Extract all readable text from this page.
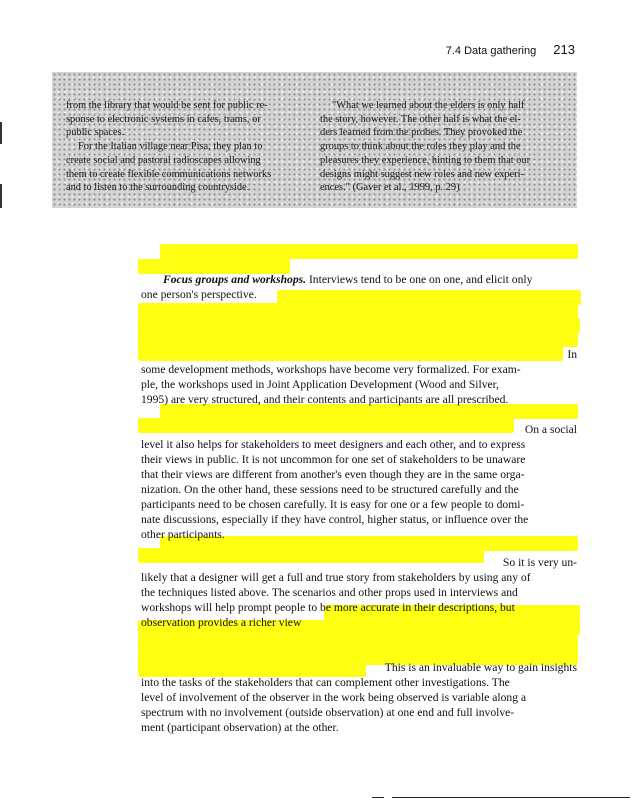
7.4 Data gathering 213

from the library that would be sent for public re-

sponse to electronic systems in cafes, trams, or

public spaces.

For the Italian village near Pisa, they plan to

create social and pastoral radioscapes allowing

them to create flexible communications networks

and to listen to the surrounding countryside.

"What we learned about the elders is only half

the story, however. The other half is what the el-

ders learned from the probes. They provoked the

groups to think about the roles they play and the

pleasures they experience, hinting to them that our

designs might suggest new roles and new experi-

ences." (Gaver et al., 1999, p. 29)

Focus groups and workshops. Interviews tend to be one on one, and elicit only

one person's perspective.

In

some development methods, workshops have become very formalized. For exam-

ple, the workshops used in Joint Application Development (Wood and Silver,

1995) are very structured, and their contents and participants are all prescribed.

On a social

level it also helps for stakeholders to meet designers and each other, and to express

their views in public. It is not uncommon for one set of stakeholders to be unaware

that their views are different from another's even though they are in the same orga-

nization. On the other hand, these sessions need to be structured carefully and the

participants need to be chosen carefully. It is easy for one or a few people to domi-

nate discussions, especially if they have control, higher status, or influence over the

other participants.

So it is very un-

likely that a designer will get a full and true story from stakeholders by using any of

the techniques listed above. The scenarios and other props used in interviews and

workshops will help prompt people to be more accurate in their descriptions, but

observation provides a richer view

This is an invaluable way to gain insights

into the tasks of the stakeholders that can complement other investigations. The

level of involvement of the observer in the work being observed is variable along a

spectrum with no involvement (outside observation) at one end and full involve-

ment (participant observation) at the other.
